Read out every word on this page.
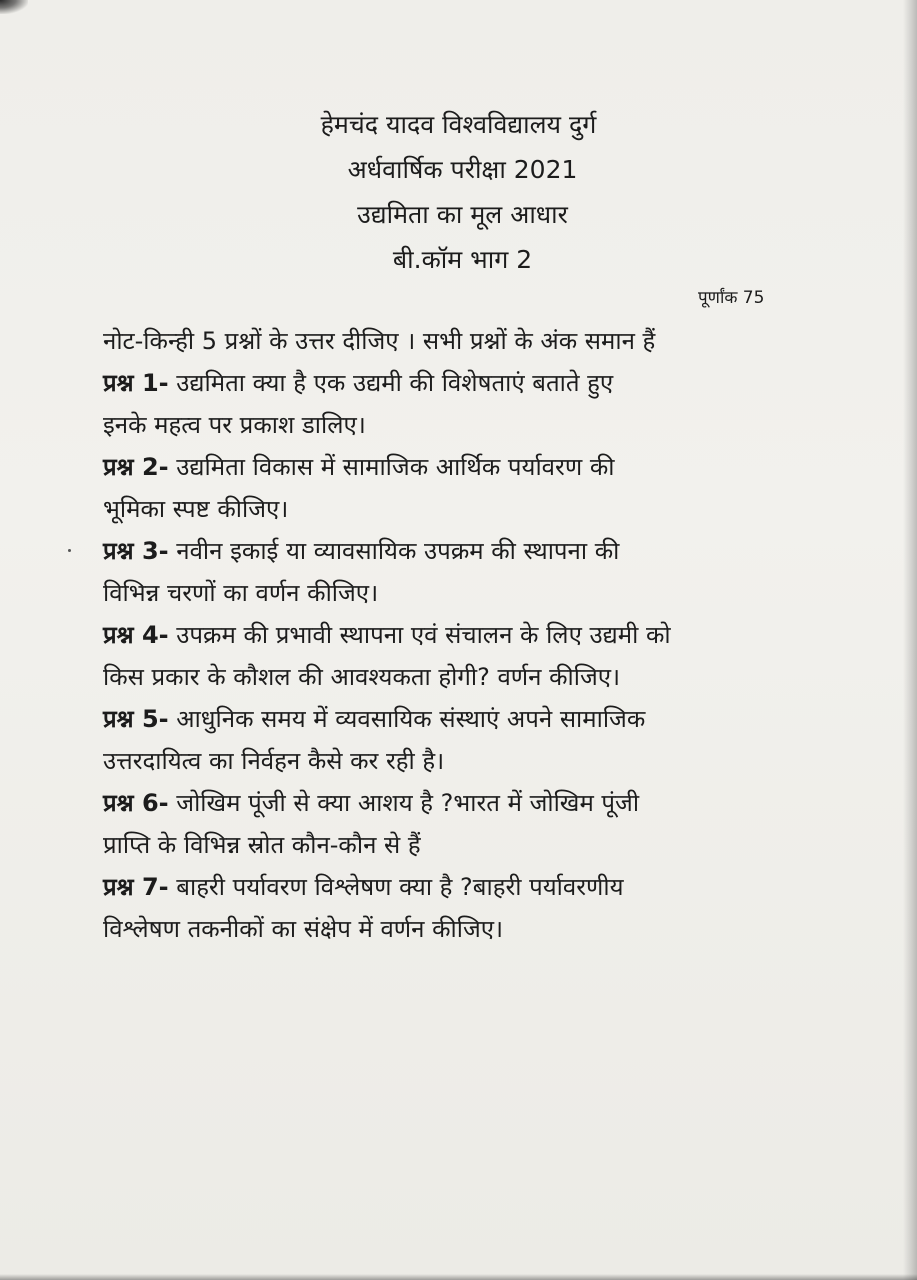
हेमचंद यादव विश्वविद्यालय दुर्ग
अर्धवार्षिक परीक्षा 2021
उद्यमिता का मूल आधार
बी.कॉम भाग 2
पूर्णांक 75
नोट-किन्ही 5 प्रश्नों के उत्तर दीजिए । सभी प्रश्नों के अंक समान हैं
प्रश्न 1- उद्यमिता क्या है एक उद्यमी की विशेषताएं बताते हुए
इनके महत्व पर प्रकाश डालिए।
प्रश्न 2- उद्यमिता विकास में सामाजिक आर्थिक पर्यावरण की
भूमिका स्पष्ट कीजिए।
प्रश्न 3- नवीन इकाई या व्यावसायिक उपक्रम की स्थापना की
विभिन्न चरणों का वर्णन कीजिए।
प्रश्न 4- उपक्रम की प्रभावी स्थापना एवं संचालन के लिए उद्यमी को
किस प्रकार के कौशल की आवश्यकता होगी? वर्णन कीजिए।
प्रश्न 5- आधुनिक समय में व्यवसायिक संस्थाएं अपने सामाजिक
उत्तरदायित्व का निर्वहन कैसे कर रही है।
प्रश्न 6- जोखिम पूंजी से क्या आशय है ?भारत में जोखिम पूंजी
प्राप्ति के विभिन्न स्रोत कौन-कौन से हैं
प्रश्न 7- बाहरी पर्यावरण विश्लेषण क्या है ?बाहरी पर्यावरणीय
विश्लेषण तकनीकों का संक्षेप में वर्णन कीजिए।
